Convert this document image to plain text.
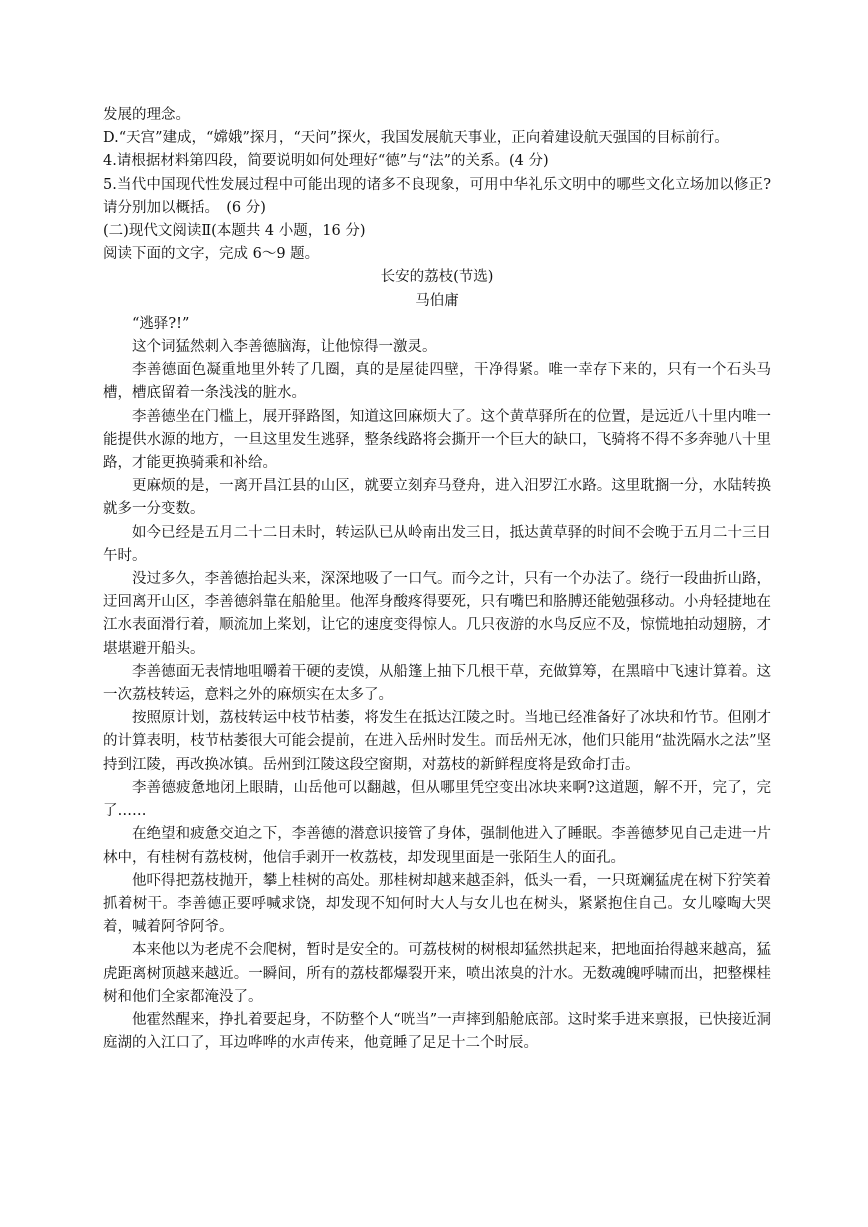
发展的理念。

D.“天宫”建成，“嫦娥”探月，“天问”探火，我国发展航天事业，正向着建设航天强国的目标前行。

4.请根据材料第四段，简要说明如何处理好“德”与“法”的关系。(4 分)

5.当代中国现代性发展过程中可能出现的诸多不良现象，可用中华礼乐文明中的哪些文化立场加以修正?请分别加以概括。　(6 分)

(二)现代文阅读Ⅱ(本题共 4 小题，16 分)

阅读下面的文字，完成 6～9 题。

长安的荔枝(节选)

马伯庸

“逃驿?!”

这个词猛然刺入李善德脑海，让他惊得一激灵。

李善德面色凝重地里外转了几圈，真的是屋徒四壁，干净得紧。唯一幸存下来的，只有一个石头马槽，槽底留着一条浅浅的脏水。

李善德坐在门槛上，展开驿路图，知道这回麻烦大了。这个黄草驿所在的位置，是远近八十里内唯一能提供水源的地方，一旦这里发生逃驿，整条线路将会撕开一个巨大的缺口，飞骑将不得不多奔驰八十里路，才能更换骑乘和补给。

更麻烦的是，一离开昌江县的山区，就要立刻弃马登舟，进入汨罗江水路。这里耽搁一分，水陆转换就多一分变数。

如今已经是五月二十二日未时，转运队已从岭南出发三日，抵达黄草驿的时间不会晚于五月二十三日午时。

没过多久，李善德抬起头来，深深地吸了一口气。而今之计，只有一个办法了。绕行一段曲折山路，迂回离开山区，李善德斜靠在船舱里。他浑身酸疼得要死，只有嘴巴和胳膊还能勉强移动。小舟轻捷地在江水表面滑行着，顺流加上桨划，让它的速度变得惊人。几只夜游的水鸟反应不及，惊慌地拍动翅膀，才堪堪避开船头。

李善德面无表情地咀嚼着干硬的麦馍，从船篷上抽下几根干草，充做算筹，在黑暗中飞速计算着。这一次荔枝转运，意料之外的麻烦实在太多了。

按照原计划，荔枝转运中枝节枯萎，将发生在抵达江陵之时。当地已经准备好了冰块和竹节。但刚才的计算表明，枝节枯萎很大可能会提前，在进入岳州时发生。而岳州无冰，他们只能用“盐洗隔水之法”坚持到江陵，再改换冰镇。岳州到江陵这段空窗期，对荔枝的新鲜程度将是致命打击。

李善德疲惫地闭上眼睛，山岳他可以翻越，但从哪里凭空变出冰块来啊?这道题，解不开，完了，完了……

在绝望和疲惫交迫之下，李善德的潜意识接管了身体，强制他进入了睡眠。李善德梦见自己走进一片林中，有桂树有荔枝树，他信手剥开一枚荔枝，却发现里面是一张陌生人的面孔。

他吓得把荔枝抛开，攀上桂树的高处。那桂树却越来越歪斜，低头一看，一只斑斓猛虎在树下狞笑着抓着树干。李善德正要呼喊求饶，却发现不知何时大人与女儿也在树头，紧紧抱住自己。女儿嚎啕大哭着，喊着阿爷阿爷。

本来他以为老虎不会爬树，暂时是安全的。可荔枝树的树根却猛然拱起来，把地面抬得越来越高，猛虎距离树顶越来越近。一瞬间，所有的荔枝都爆裂开来，喷出浓臭的汁水。无数魂魄呼啸而出，把整棵桂树和他们全家都淹没了。

他霍然醒来，挣扎着要起身，不防整个人“咣当”一声摔到船舱底部。这时桨手进来禀报，已快接近洞庭湖的入江口了，耳边哗哗的水声传来，他竟睡了足足十二个时辰。
